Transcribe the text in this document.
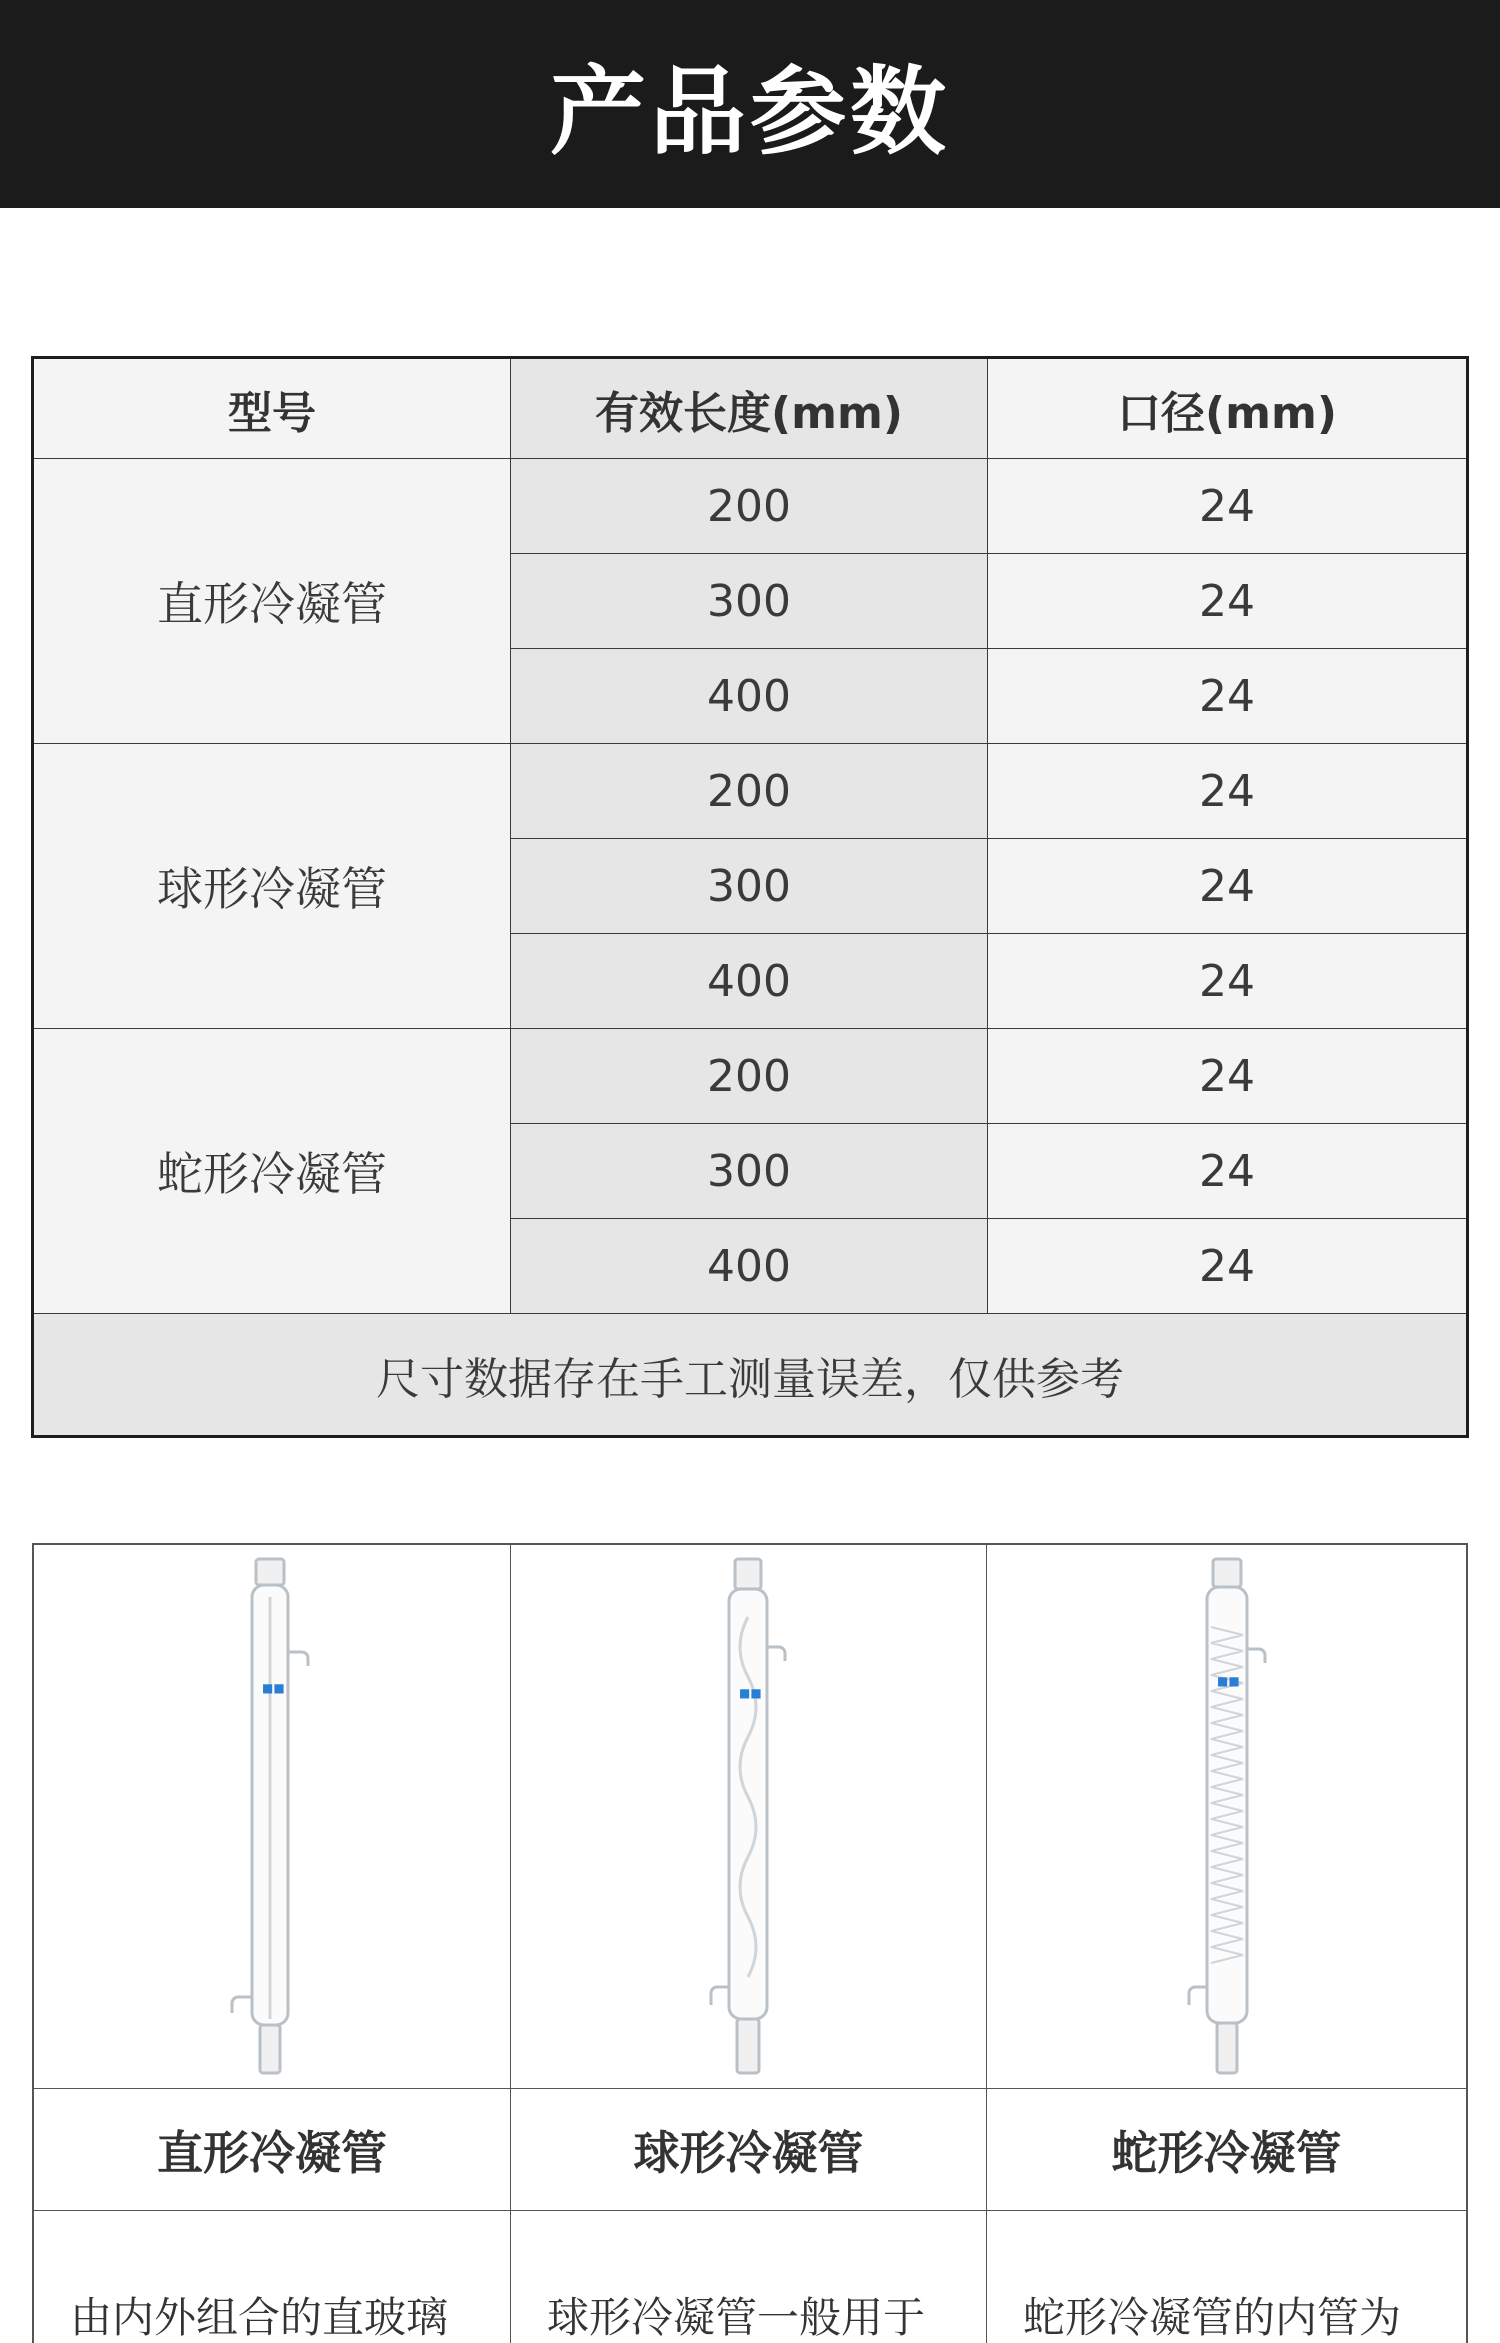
产品参数
型号	有效长度(mm)	口径(mm)
直形冷凝管
200	24
300	24
400	24
球形冷凝管
200	24
300	24
400	24
蛇形冷凝管
200	24
300	24
400	24
尺寸数据存在手工测量误差，仅供参考
■■	■■
■■
直形冷凝管	球形冷凝管	蛇形冷凝管
由内外组合的直玻璃	球形冷凝管一般用于	蛇形冷凝管的内管为
